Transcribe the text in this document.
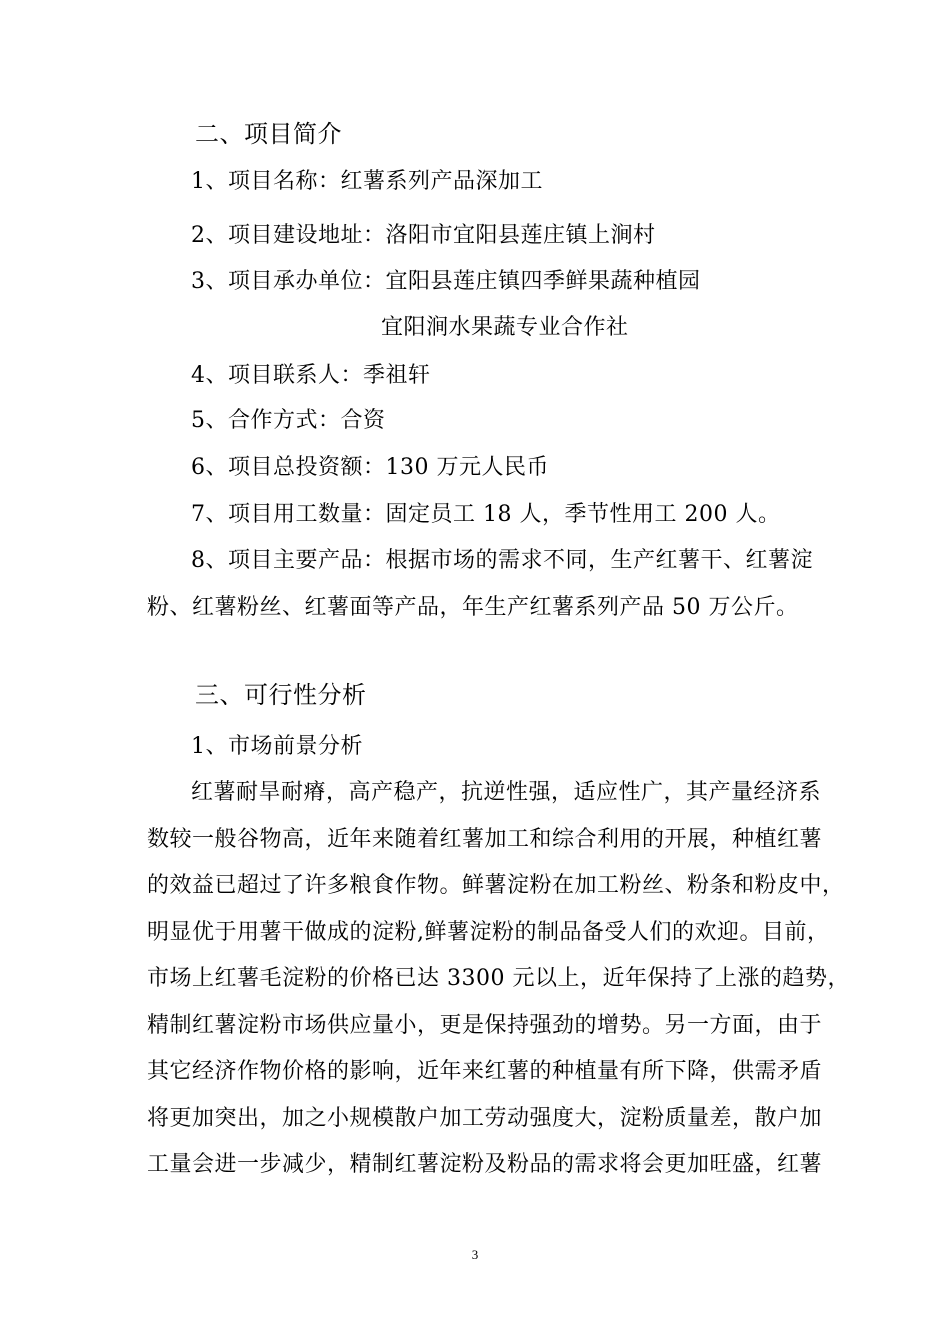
二、项目简介
1、项目名称：红薯系列产品深加工
2、项目建设地址：洛阳市宜阳县莲庄镇上涧村
3、项目承办单位：宜阳县莲庄镇四季鲜果蔬种植园
宜阳涧水果蔬专业合作社
4、项目联系人：季祖轩
5、合作方式：合资
6、项目总投资额：130 万元人民币
7、项目用工数量：固定员工 18 人，季节性用工 200 人。
8、项目主要产品：根据市场的需求不同，生产红薯干、红薯淀
粉、红薯粉丝、红薯面等产品，年生产红薯系列产品 50 万公斤。
三、可行性分析
1、市场前景分析
红薯耐旱耐瘠，高产稳产，抗逆性强，适应性广，其产量经济系
数较一般谷物高，近年来随着红薯加工和综合利用的开展，种植红薯
的效益已超过了许多粮食作物。鲜薯淀粉在加工粉丝、粉条和粉皮中，
明显优于用薯干做成的淀粉,鲜薯淀粉的制品备受人们的欢迎。目前，
市场上红薯毛淀粉的价格已达 3300 元以上，近年保持了上涨的趋势，
精制红薯淀粉市场供应量小，更是保持强劲的增势。另一方面，由于
其它经济作物价格的影响，近年来红薯的种植量有所下降，供需矛盾
将更加突出，加之小规模散户加工劳动强度大，淀粉质量差，散户加
工量会进一步减少，精制红薯淀粉及粉品的需求将会更加旺盛，红薯
3
